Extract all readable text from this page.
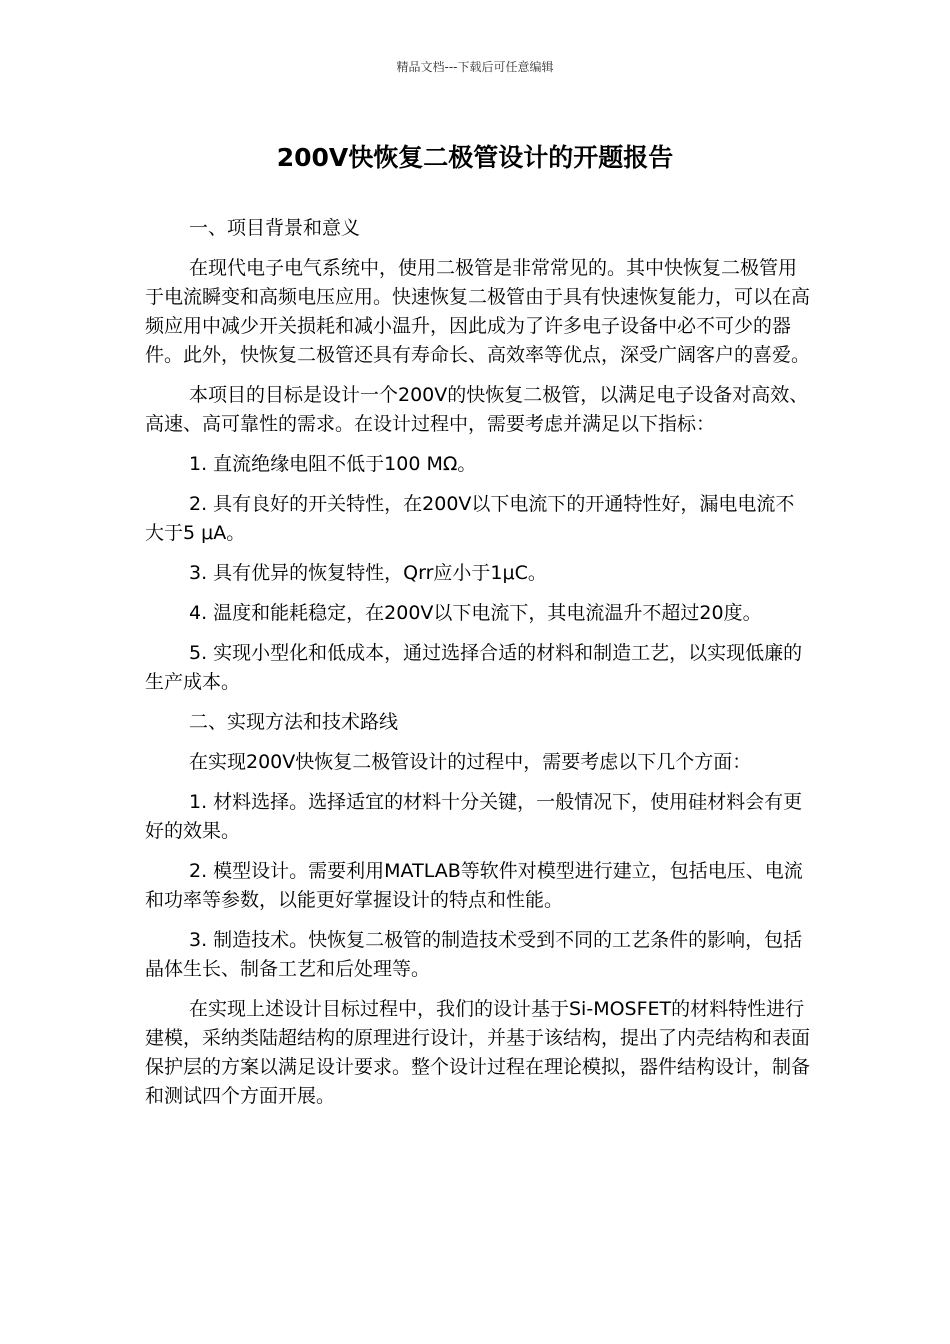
精品文档---下载后可任意编辑
200V快恢复二极管设计的开题报告

一、项目背景和意义

在现代电子电气系统中，使用二极管是非常常见的。其中快恢复二极管用于电流瞬变和高频电压应用。快速恢复二极管由于具有快速恢复能力，可以在高频应用中减少开关损耗和减小温升，因此成为了许多电子设备中必不可少的器件。此外，快恢复二极管还具有寿命长、高效率等优点，深受广阔客户的喜爱。

本项目的目标是设计一个200V的快恢复二极管，以满足电子设备对高效、高速、高可靠性的需求。在设计过程中，需要考虑并满足以下指标：

1. 直流绝缘电阻不低于100 MΩ。

2. 具有良好的开关特性，在200V以下电流下的开通特性好，漏电电流不大于5 μA。

3. 具有优异的恢复特性，Qrr应小于1μC。

4. 温度和能耗稳定，在200V以下电流下，其电流温升不超过20度。

5. 实现小型化和低成本，通过选择合适的材料和制造工艺，以实现低廉的生产成本。

二、实现方法和技术路线

在实现200V快恢复二极管设计的过程中，需要考虑以下几个方面：

1. 材料选择。选择适宜的材料十分关键，一般情况下，使用硅材料会有更好的效果。

2. 模型设计。需要利用MATLAB等软件对模型进行建立，包括电压、电流和功率等参数，以能更好掌握设计的特点和性能。

3. 制造技术。快恢复二极管的制造技术受到不同的工艺条件的影响，包括晶体生长、制备工艺和后处理等。

在实现上述设计目标过程中，我们的设计基于Si-MOSFET的材料特性进行建模，采纳类陆超结构的原理进行设计，并基于该结构，提出了内壳结构和表面保护层的方案以满足设计要求。整个设计过程在理论模拟，器件结构设计，制备和测试四个方面开展。
